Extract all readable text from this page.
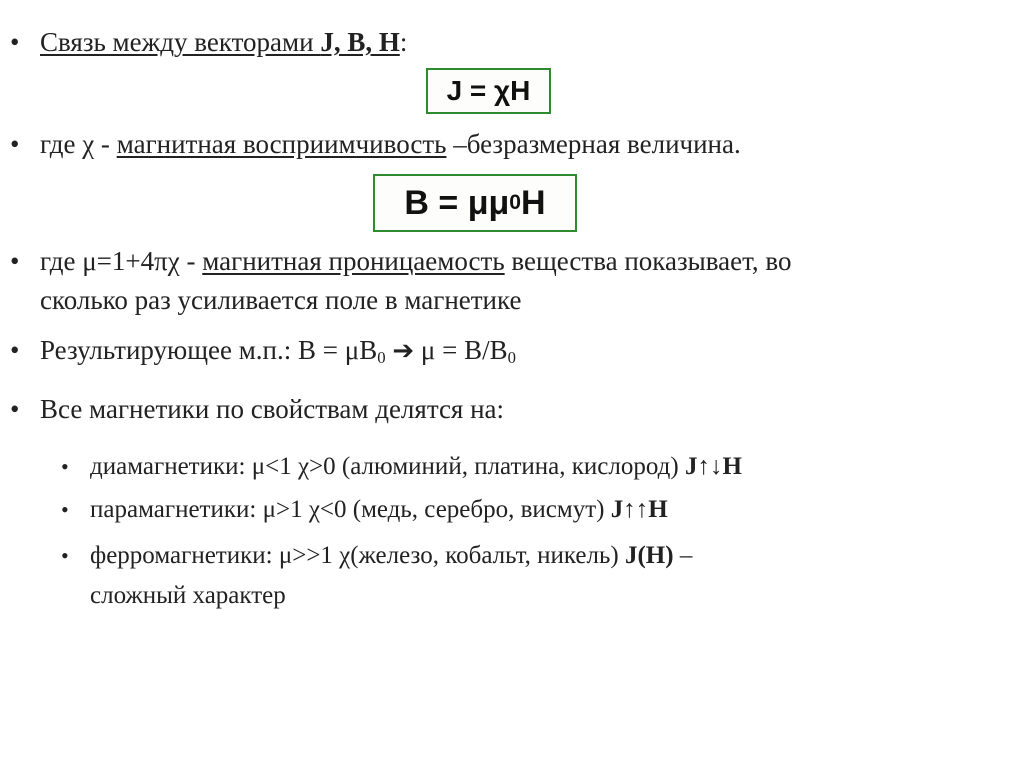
• Связь между векторами J, B, H:
J = χH
• где χ - магнитная восприимчивость –безразмерная величина.
B = μμ 0 H
• где μ=1+4πχ - магнитная проницаемость вещества показывает, во
сколько раз усиливается поле в магнетике
• Результирующее м.п.: $B = \mu B_0$ ➔ $\mu = B/B_0$
• Все магнетики по свойствам делятся на:
• диамагнетики: μ<1 χ>0 (алюминий, платина, кислород) J↑↓H
• парамагнетики: μ>1 χ<0 (медь, серебро, висмут) J↑↑H
• ферромагнетики: μ>>1 χ(железо, кобальт, никель) J(H) –
сложный характер
